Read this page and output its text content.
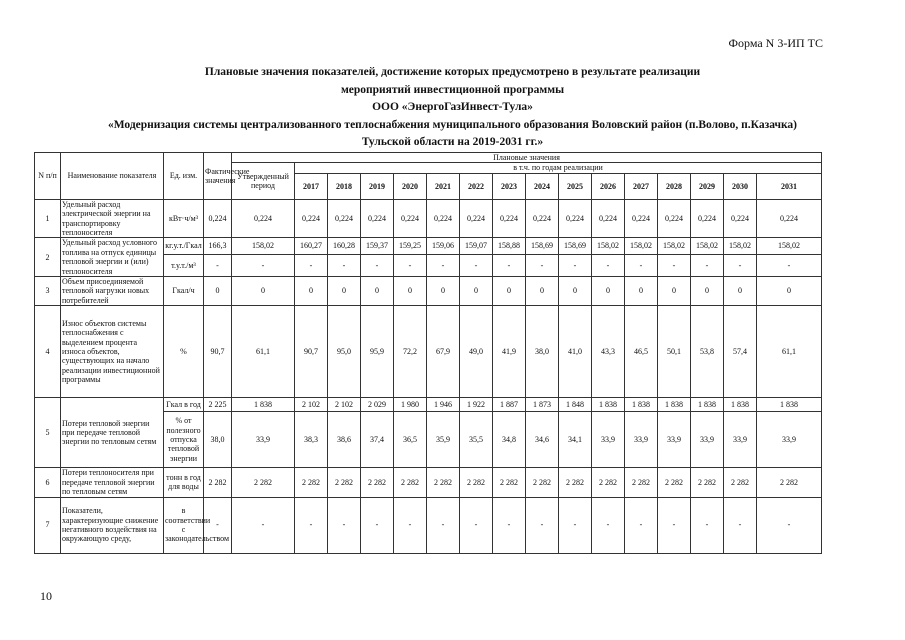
Форма N 3-ИП ТС
Плановые значения показателей, достижение которых предусмотрено в результате реализации
мероприятий инвестиционной программы
ООО «ЭнергоГазИнвест-Тула»
«Модернизация системы централизованного теплоснабжения муниципального образования Воловский район (п.Волово, п.Казачка)
Тульской области на 2019-2031 гг.»
N п/п	Наименование показателя	Ед. изм.	Фактические значения	Плановые значения															
				Утвержденный период	в т.ч. по годам реализации														
					2017	2018	2019	2020	2021	2022	2023	2024	2025	2026	2027	2028	2029	2030	2031
1	Удельный расход электрической энергии на транспортировку теплоносителя	кВт·ч/м³	0,224	0,224	0,224	0,224	0,224	0,224	0,224	0,224	0,224	0,224	0,224	0,224	0,224	0,224	0,224	0,224	0,224
2	Удельный расход условного топлива на отпуск единицы тепловой энергии и (или) теплоносителя	кг.у.т./Гкал	166,3	158,02	160,27	160,28	159,37	159,25	159,06	159,07	158,88	158,69	158,69	158,02	158,02	158,02	158,02	158,02	158,02
		т.у.т./м³	-	-	-	-	-	-	-	-	-	-	-	-	-	-	-	-	-
3	Объем присоединяемой тепловой нагрузки новых потребителей	Гкал/ч	0	0	0	0	0	0	0	0	0	0	0	0	0	0	0	0	0
4	Износ объектов системы теплоснабжения с выделением процента износа объектов, существующих на начало реализации инвестиционной программы	%	90,7	61,1	90,7	95,0	95,9	72,2	67,9	49,0	41,9	38,0	41,0	43,3	46,5	50,1	53,8	57,4	61,1
5	Потери тепловой энергии при передаче тепловой энергии по тепловым сетям	Гкал в год	2 225	1 838	2 102	2 102	2 029	1 980	1 946	1 922	1 887	1 873	1 848	1 838	1 838	1 838	1 838	1 838	1 838
		% от полезного отпуска тепловой энергии	38,0	33,9	38,3	38,6	37,4	36,5	35,9	35,5	34,8	34,6	34,1	33,9	33,9	33,9	33,9	33,9	33,9
6	Потери теплоносителя при передаче тепловой энергии по тепловым сетям	тонн в год для воды	2 282	2 282	2 282	2 282	2 282	2 282	2 282	2 282	2 282	2 282	2 282	2 282	2 282	2 282	2 282	2 282	2 282
7	Показатели, характеризующие снижение негативного воздействия на окружающую среду,	в соответствии с законодательством	-	-	-	-	-	-	-	-	-	-	-	-	-	-	-	-	-
10
